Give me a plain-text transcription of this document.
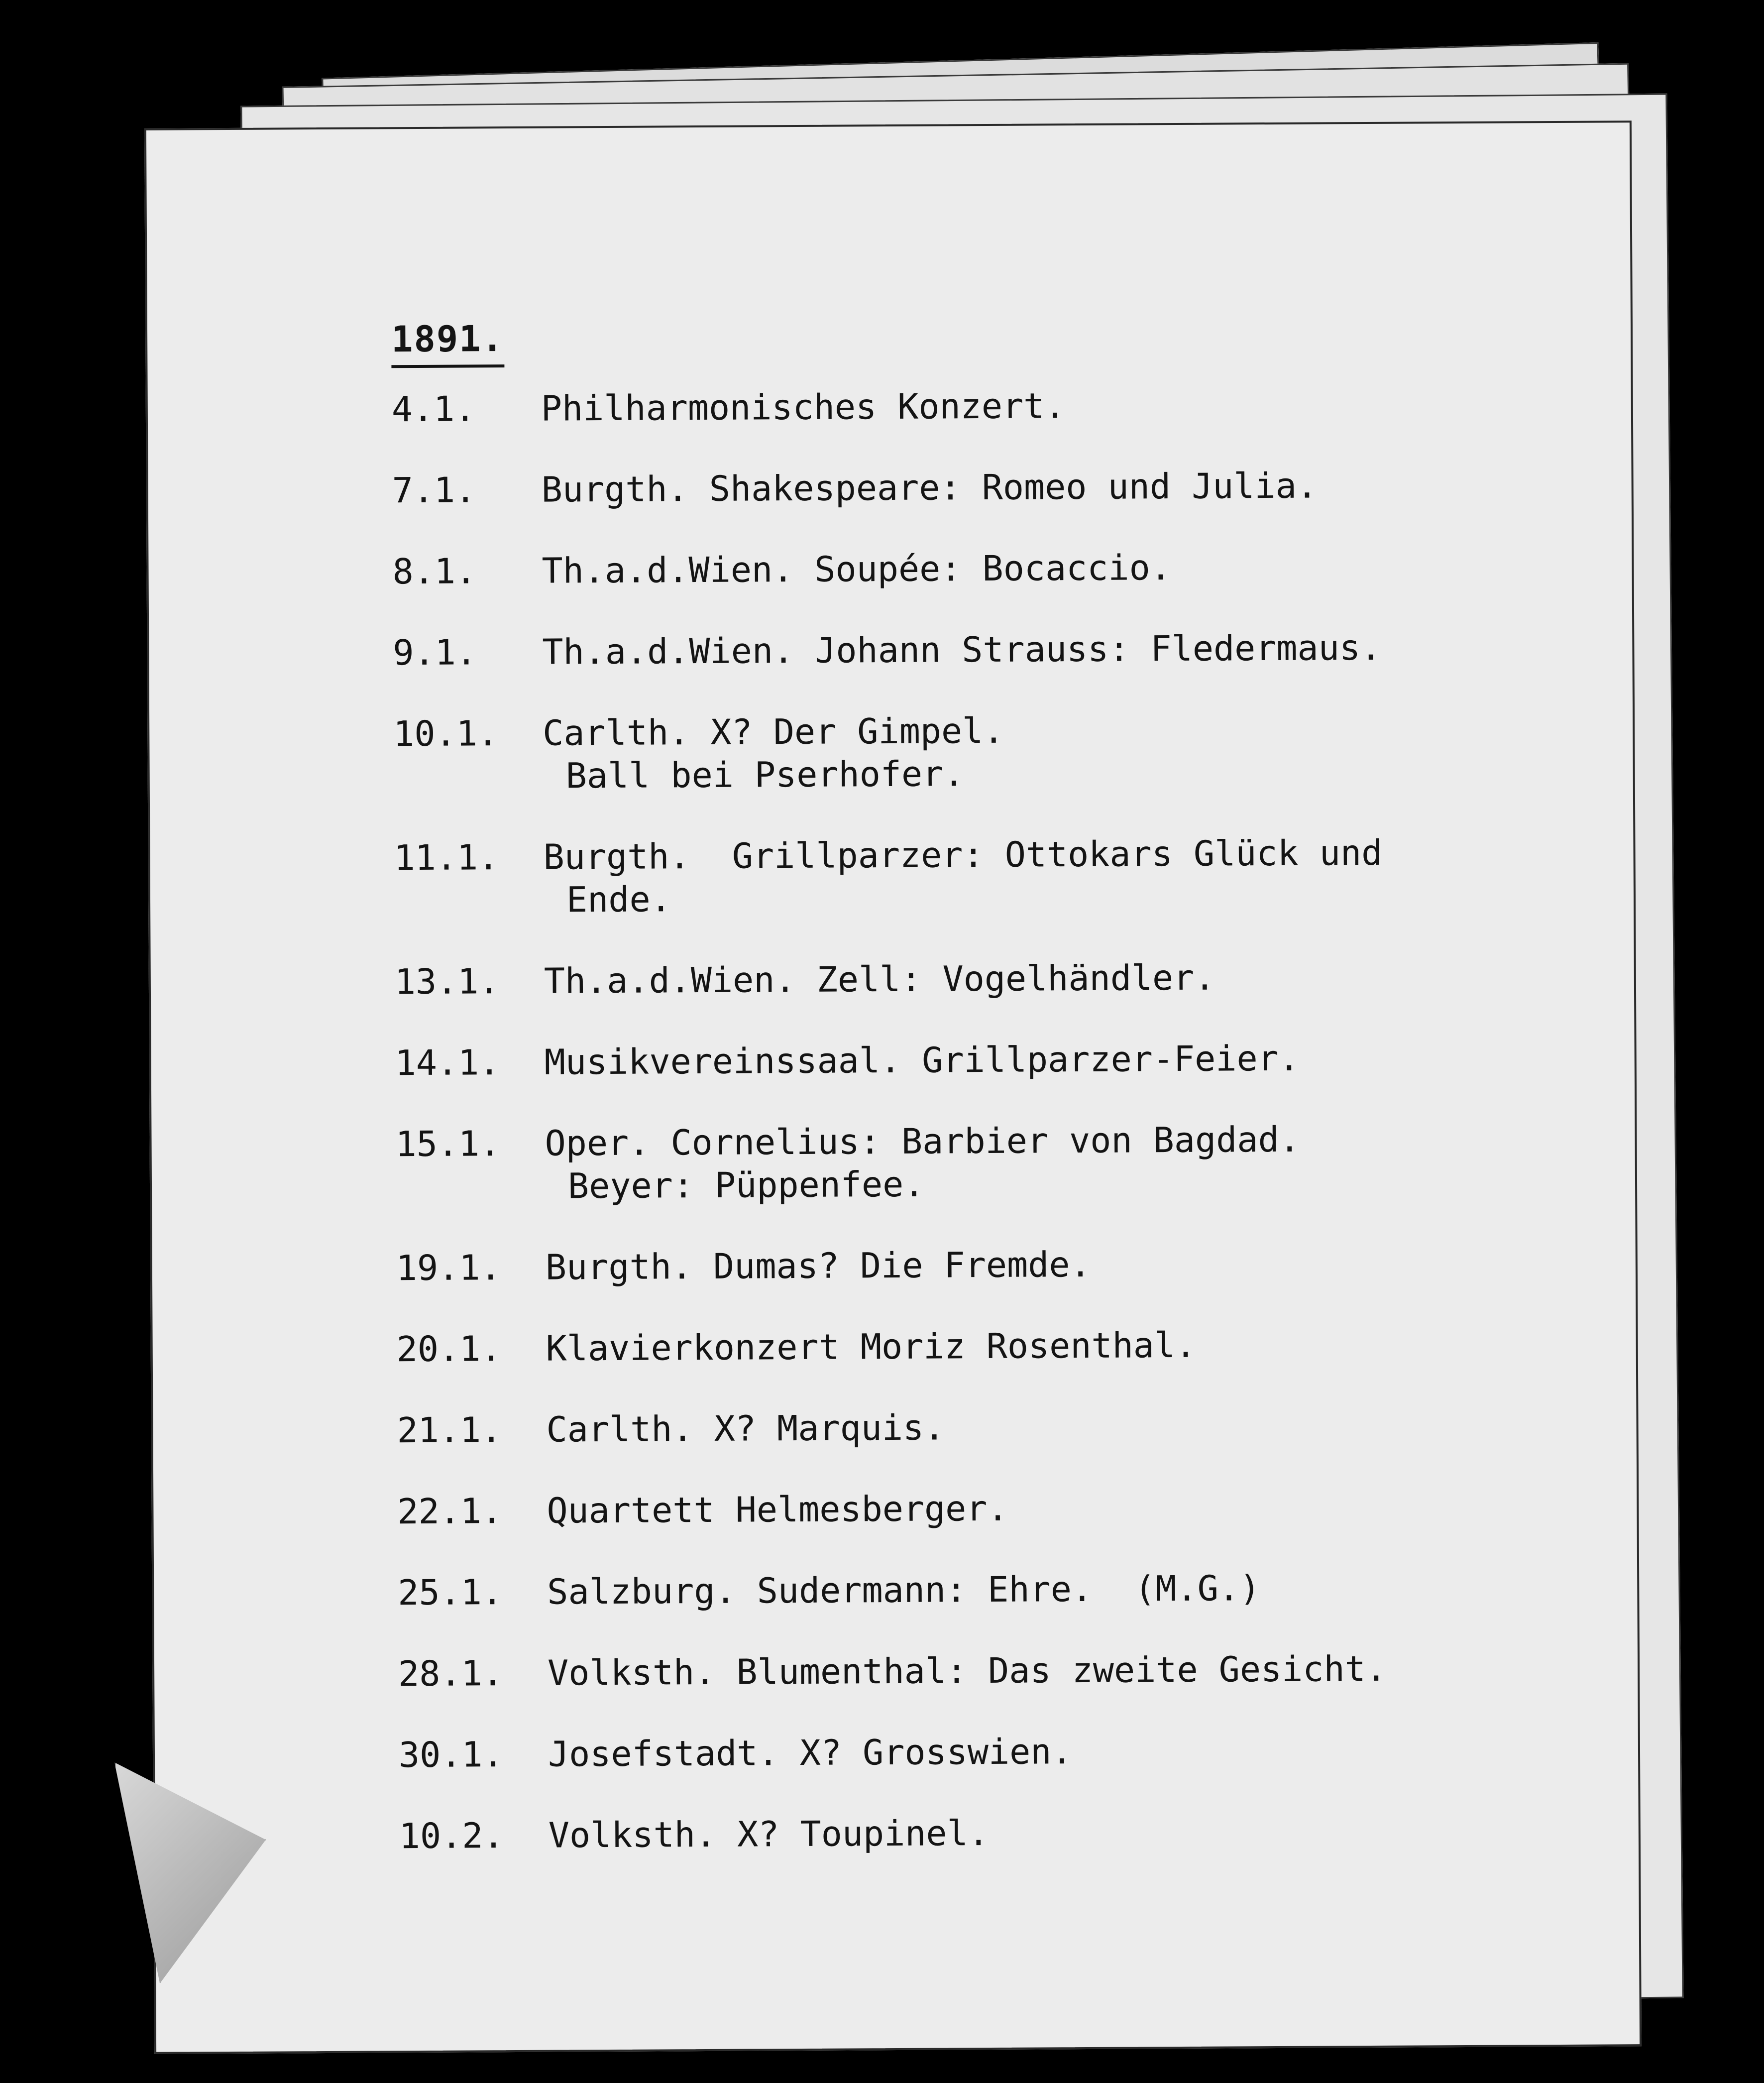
1891.
4.1.	Philharmonisches Konzert.
7.1.	Burgth. Shakespeare: Romeo und Julia.
8.1.	Th.a.d.Wien. Soupée: Bocaccio.
9.1.	Th.a.d.Wien. Johann Strauss: Fledermaus.
10.1.	Carlth. X? Der Gimpel.
Ball bei Pserhofer.
11.1.	Burgth.  Grillparzer: Ottokars Glück und
Ende.
13.1.	Th.a.d.Wien. Zell: Vogelhändler.
14.1.	Musikvereinssaal. Grillparzer-Feier.
15.1.	Oper. Cornelius: Barbier von Bagdad.
Beyer: Püppenfee.
19.1.	Burgth. Dumas? Die Fremde.
20.1.	Klavierkonzert Moriz Rosenthal.
21.1.	Carlth. X? Marquis.
22.1.	Quartett Helmesberger.
25.1.	Salzburg. Sudermann: Ehre.  (M.G.)
28.1.	Volksth. Blumenthal: Das zweite Gesicht.
30.1.	Josefstadt. X? Grosswien.
10.2.	Volksth. X? Toupinel.
